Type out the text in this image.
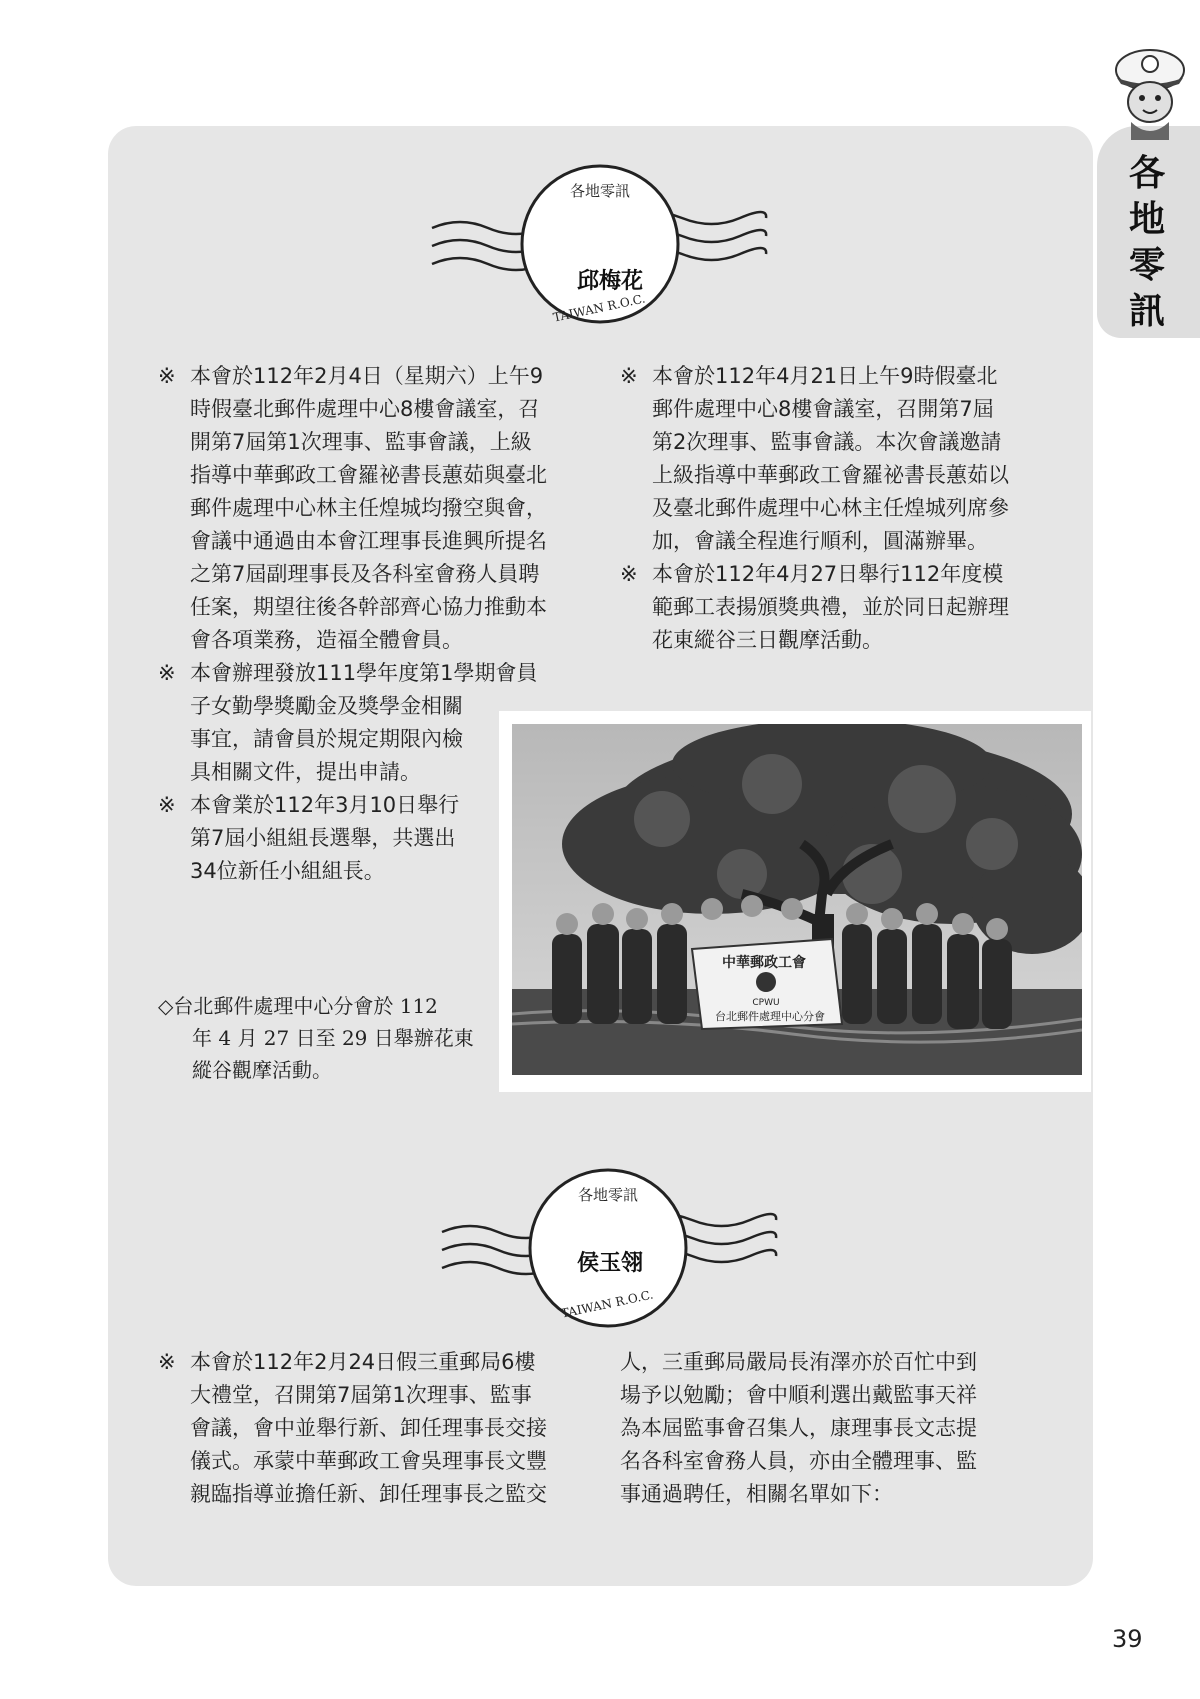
各
地
零
訊
各地零訊
邱梅花
TAIWAN R.O.C.
※ 本會於112年2月4日（星期六）上午9

時假臺北郵件處理中心8樓會議室，召

開第7屆第1次理事、監事會議，上級

指導中華郵政工會羅祕書長蕙茹與臺北

郵件處理中心林主任煌城均撥空與會，

會議中通過由本會江理事長進興所提名

之第7屆副理事長及各科室會務人員聘

任案，期望往後各幹部齊心協力推動本

會各項業務，造福全體會員。

※ 本會辦理發放111學年度第1學期會員

子女勤學獎勵金及獎學金相關

事宜，請會員於規定期限內檢

具相關文件，提出申請。

※ 本會業於112年3月10日舉行

第7屆小組組長選舉，共選出

34位新任小組組長。

※ 本會於112年4月21日上午9時假臺北

郵件處理中心8樓會議室，召開第7屆

第2次理事、監事會議。本次會議邀請

上級指導中華郵政工會羅祕書長蕙茹以

及臺北郵件處理中心林主任煌城列席參

加，會議全程進行順利，圓滿辦畢。

※ 本會於112年4月27日舉行112年度模

範郵工表揚頒獎典禮，並於同日起辦理

花東縱谷三日觀摩活動。

中華郵政工會
CPWU
台北郵件處理中心分會
◇台北郵件處理中心分會於 112
年 4 月 27 日至 29 日舉辦花東
縱谷觀摩活動。
各地零訊
侯玉翎
TAIWAN R.O.C.
※ 本會於112年2月24日假三重郵局6樓

大禮堂，召開第7屆第1次理事、監事

會議，會中並舉行新、卸任理事長交接

儀式。承蒙中華郵政工會吳理事長文豐

親臨指導並擔任新、卸任理事長之監交

人，三重郵局嚴局長洧澤亦於百忙中到

場予以勉勵；會中順利選出戴監事天祥

為本屆監事會召集人，康理事長文志提

名各科室會務人員，亦由全體理事、監

事通過聘任，相關名單如下：

39
